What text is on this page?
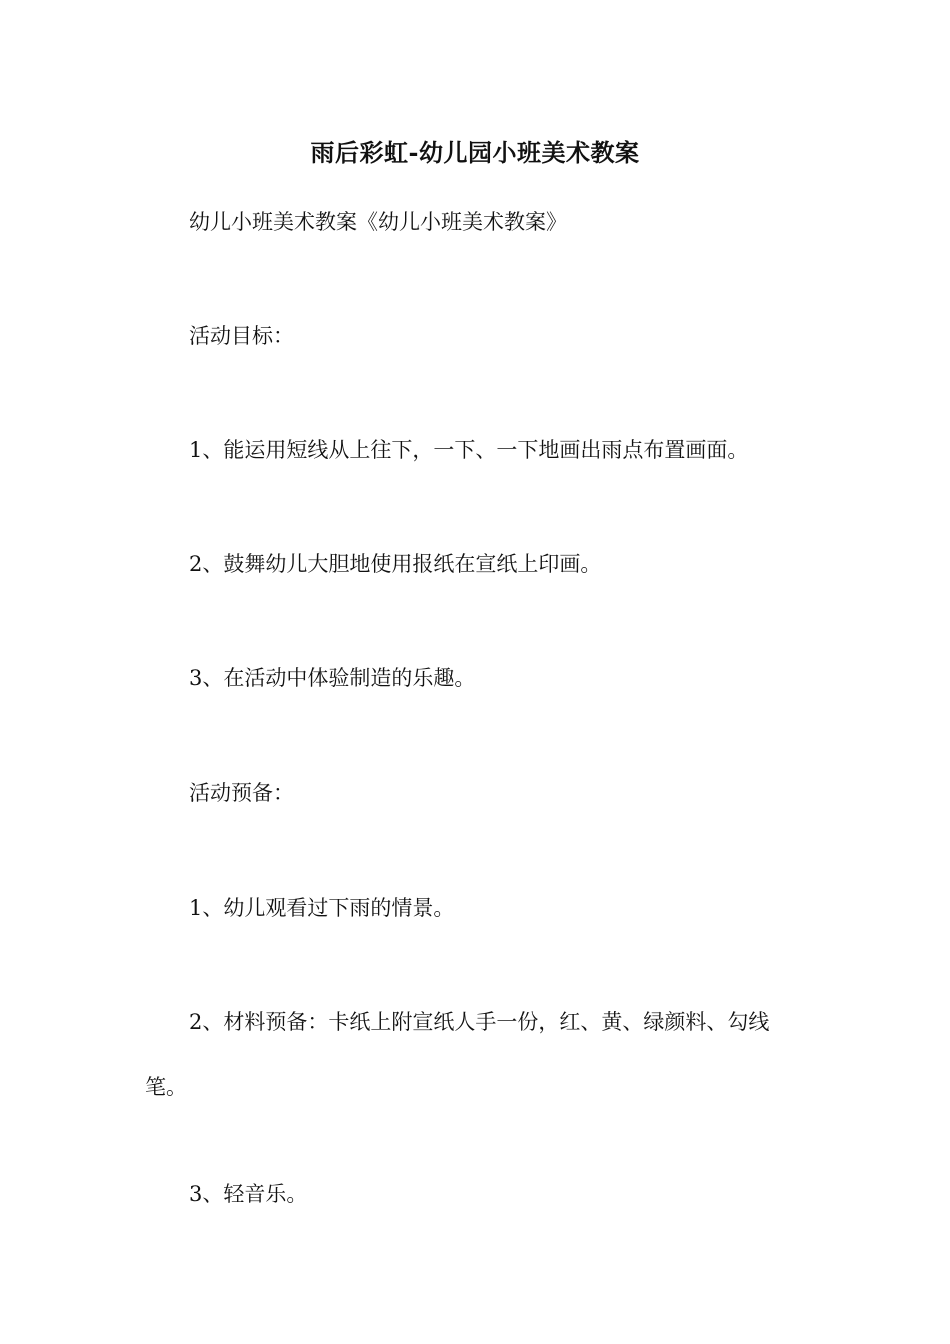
雨后彩虹-幼儿园小班美术教案

幼儿小班美术教案《幼儿小班美术教案》

活动目标：

1、能运用短线从上往下，一下、一下地画出雨点布置画面。

2、鼓舞幼儿大胆地使用报纸在宣纸上印画。

3、在活动中体验制造的乐趣。

活动预备：

1、幼儿观看过下雨的情景。

2、材料预备：卡纸上附宣纸人手一份，红、黄、绿颜料、勾线
笔。

3、轻音乐。
